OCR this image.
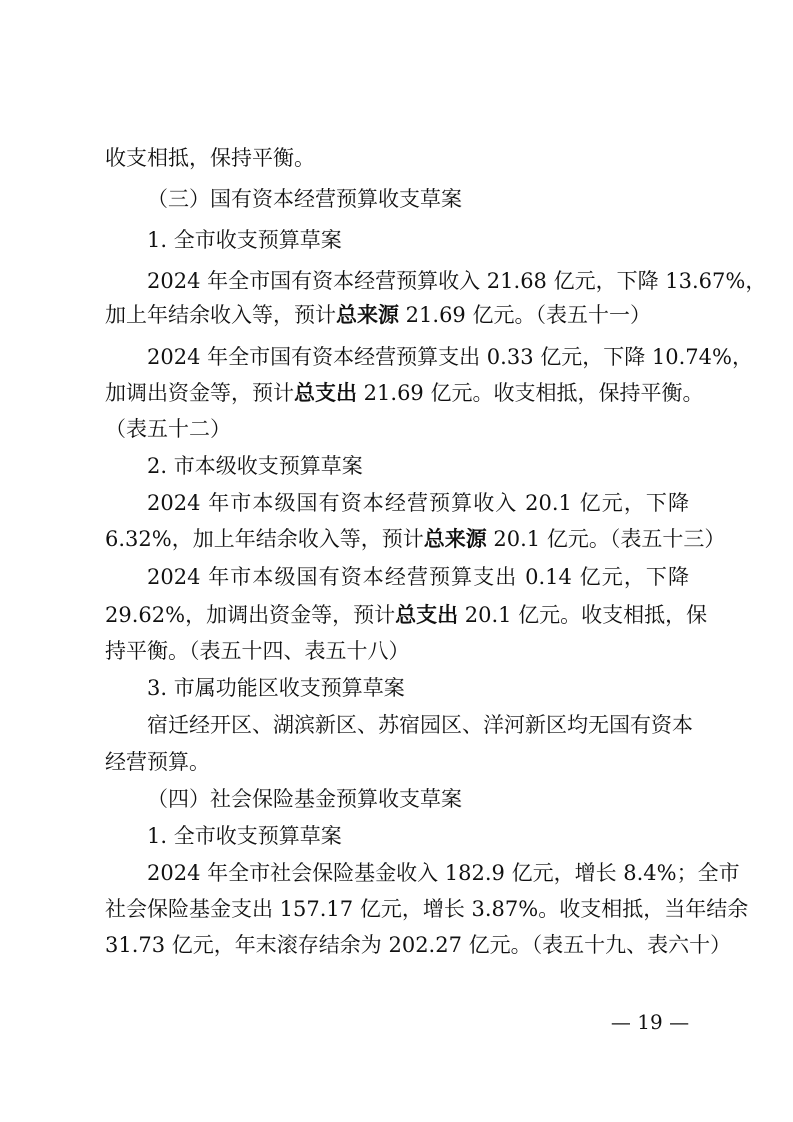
收支相抵，保持平衡。
（三）国有资本经营预算收支草案
1. 全市收支预算草案
2024 年全市国有资本经营预算收入 21.68 亿元，下降 13.67%，
加上年结余收入等，预计总来源 21.69 亿元。（表五十一）
2024 年全市国有资本经营预算支出 0.33 亿元，下降 10.74%，
加调出资金等，预计总支出 21.69 亿元。收支相抵，保持平衡。
（表五十二）
2. 市本级收支预算草案
2024 年市本级国有资本经营预算收入 20.1 亿元，下降
6.32%，加上年结余收入等，预计总来源 20.1 亿元。（表五十三）
2024 年市本级国有资本经营预算支出 0.14 亿元，下降
29.62%，加调出资金等，预计总支出 20.1 亿元。收支相抵，保
持平衡。（表五十四、表五十八）
3. 市属功能区收支预算草案
宿迁经开区、湖滨新区、苏宿园区、洋河新区均无国有资本
经营预算。
（四）社会保险基金预算收支草案
1. 全市收支预算草案
2024 年全市社会保险基金收入 182.9 亿元，增长 8.4%；全市
社会保险基金支出 157.17 亿元，增长 3.87%。收支相抵，当年结余
31.73 亿元，年末滚存结余为 202.27 亿元。（表五十九、表六十）
— 19 —
